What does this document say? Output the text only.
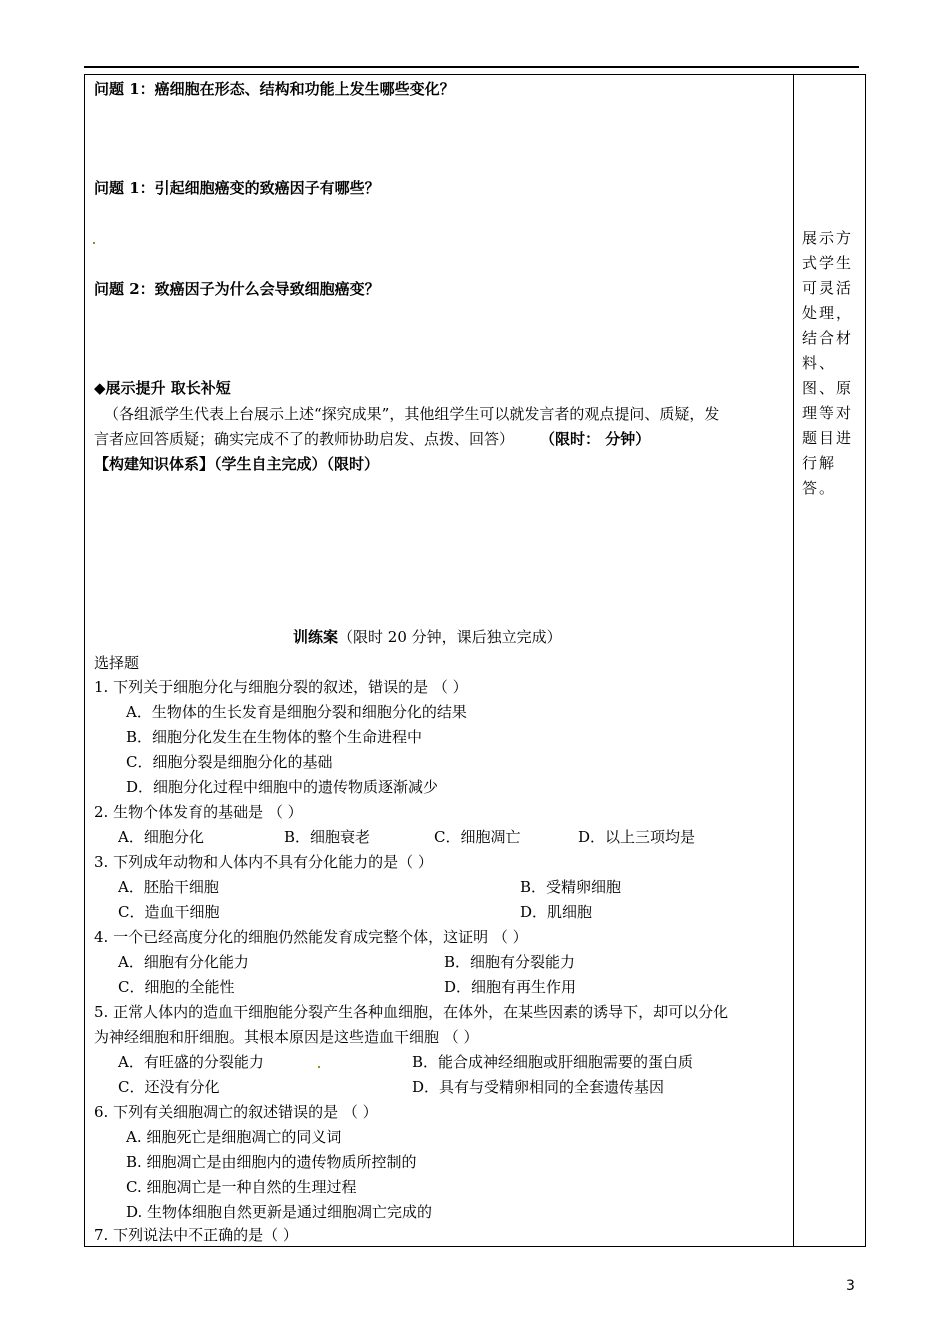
问题 1：癌细胞在形态、结构和功能上发生哪些变化？
问题 1：引起细胞癌变的致癌因子有哪些？
问题 2：致癌因子为什么会导致细胞癌变？
◆展示提升 取长补短
（各组派学生代表上台展示上述“探究成果”，其他组学生可以就发言者的观点提问、质疑，发
言者应回答质疑；确实完成不了的教师协助启发、点拨、回答） （限时： 分钟）
【构建知识体系】（学生自主完成）（限时）
训练案（限时 20 分钟，课后独立完成）
选择题
1. 下列关于细胞分化与细胞分裂的叙述，错误的是 （ ）
A．生物体的生长发育是细胞分裂和细胞分化的结果
B．细胞分化发生在生物体的整个生命进程中
C．细胞分裂是细胞分化的基础
D．细胞分化过程中细胞中的遗传物质逐渐减少
2. 生物个体发育的基础是 （ ）
A．细胞分化	B．细胞衰老	C．细胞凋亡	D．以上三项均是
3. 下列成年动物和人体内不具有分化能力的是（ ）
A．胚胎干细胞	B．受精卵细胞
C．造血干细胞	D．肌细胞
4. 一个已经高度分化的细胞仍然能发育成完整个体，这证明 （ ）
A．细胞有分化能力	B．细胞有分裂能力
C．细胞的全能性	D．细胞有再生作用
5. 正常人体内的造血干细胞能分裂产生各种血细胞，在体外，在某些因素的诱导下，却可以分化
为神经细胞和肝细胞。其根本原因是这些造血干细胞 （ ）
A．有旺盛的分裂能力	B．能合成神经细胞或肝细胞需要的蛋白质
C．还没有分化	D．具有与受精卵相同的全套遗传基因
6. 下列有关细胞凋亡的叙述错误的是 （ ）
A. 细胞死亡是细胞凋亡的同义词
B. 细胞凋亡是由细胞内的遗传物质所控制的
C. 细胞凋亡是一种自然的生理过程
D. 生物体细胞自然更新是通过细胞凋亡完成的
7. 下列说法中不正确的是（ ）
展示方式学生可灵活处理，结合材料、图、原理等对题目进行解答。
3
